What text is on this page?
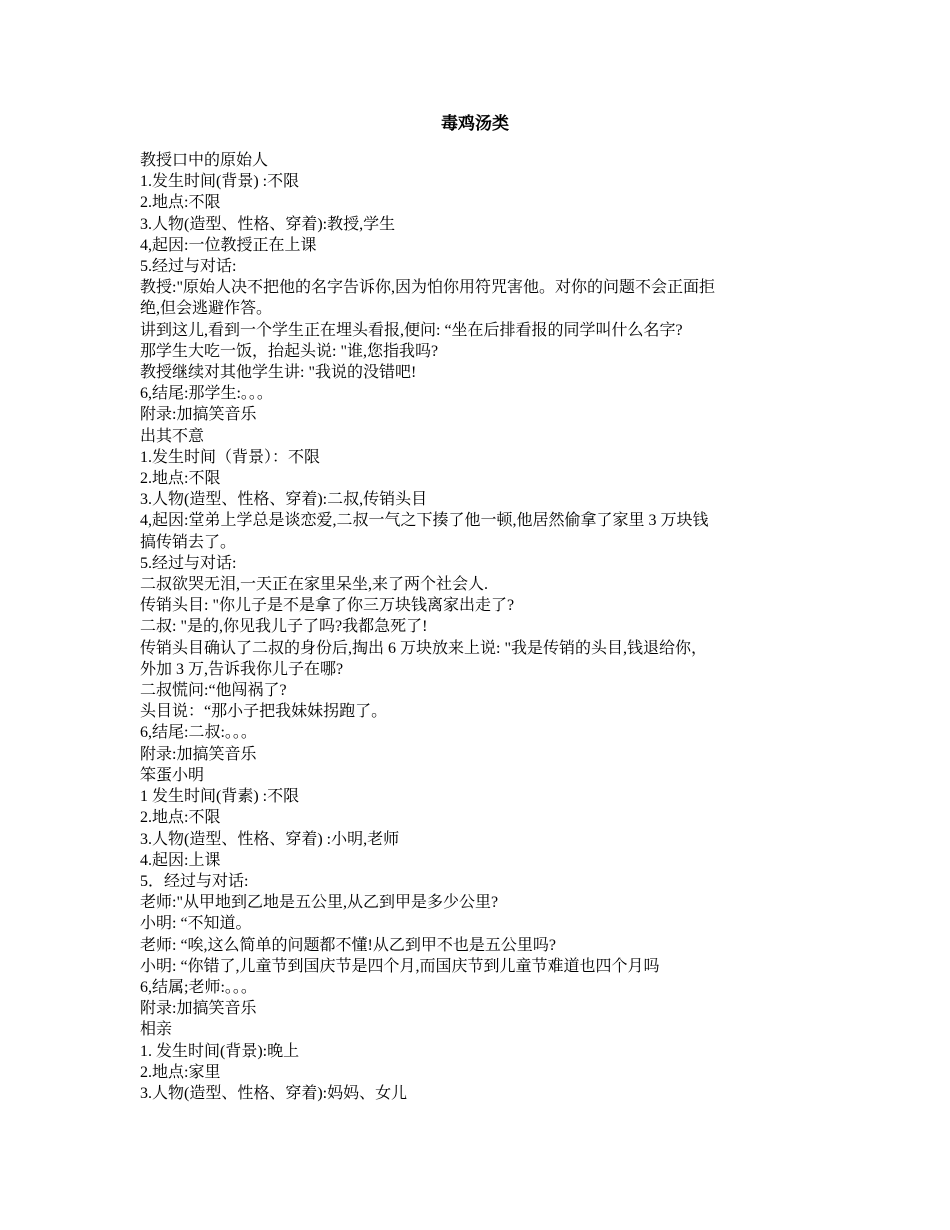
毒鸡汤类
教授口中的原始人
1.发生时间(背景) :不限
2.地点:不限
3.人物(造型、性格、穿着):教授,学生
4,起因:一位教授正在上课
5.经过与对话:
教授:"原始人决不把他的名字告诉你,因为怕你用符咒害他。对你的问题不会正面拒
绝,但会逃避作答。
讲到这儿,看到一个学生正在埋头看报,便问: “坐在后排看报的同学叫什么名字?
那学生大吃一饭，抬起头说: "谁,您指我吗?
教授继续对其他学生讲: "我说的没错吧!
6,结尾:那学生:。。。
附录:加搞笑音乐
出其不意
1.发生时间（背景）：不限
2.地点:不限
3.人物(造型、性格、穿着):二叔,传销头目
4,起因:堂弟上学总是谈恋爱,二叔一气之下揍了他一顿,他居然偷拿了家里 3 万块钱
搞传销去了。
5.经过与对话:
二叔欲哭无泪,一天正在家里呆坐,来了两个社会人.
传销头目: "你儿子是不是拿了你三万块钱离家出走了?
二叔: "是的,你见我儿子了吗?我都急死了!
传销头目确认了二叔的身份后,掏出 6 万块放来上说: "我是传销的头目,钱退给你，
外加 3 万,告诉我你儿子在哪?
二叔慌问:“他闯祸了?
头目说：“那小子把我妹妹拐跑了。
6,结尾:二叔:。。。
附录:加搞笑音乐
笨蛋小明
1 发生时间(背素) :不限
2.地点:不限
3.人物(造型、性格、穿着) :小明,老师
4.起因:上课
5．经过与对话:
老师:"从甲地到乙地是五公里,从乙到甲是多少公里?
小明: “不知道。
老师: “唉,这么简单的问题都不懂!从乙到甲不也是五公里吗?
小明: “你错了,儿童节到国庆节是四个月,而国庆节到儿童节难道也四个月吗
6,结属;老师:。。。
附录:加搞笑音乐
相亲
1. 发生时间(背景):晚上
2.地点:家里
3.人物(造型、性格、穿着):妈妈、女儿
